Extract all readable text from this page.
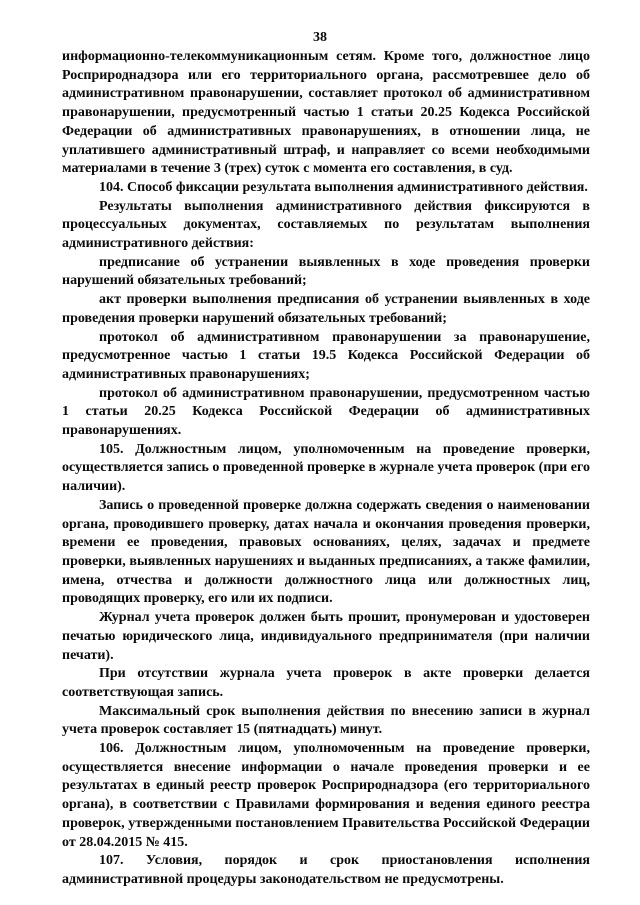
38

информационно-телекоммуникационным сетям. Кроме того, должностное лицо Росприроднадзора или его территориального органа, рассмотревшее дело об административном правонарушении, составляет протокол об административном правонарушении, предусмотренный частью 1 статьи 20.25 Кодекса Российской Федерации об административных правонарушениях, в отношении лица, не уплатившего административный штраф, и направляет со всеми необходимыми материалами в течение 3 (трех) суток с момента его составления, в суд.

104. Способ фиксации результата выполнения административного действия.

Результаты выполнения административного действия фиксируются в процессуальных документах, составляемых по результатам выполнения административного действия:

предписание об устранении выявленных в ходе проведения проверки нарушений обязательных требований;

акт проверки выполнения предписания об устранении выявленных в ходе проведения проверки нарушений обязательных требований;

протокол об административном правонарушении за правонарушение, предусмотренное частью 1 статьи 19.5 Кодекса Российской Федерации об административных правонарушениях;

протокол об административном правонарушении, предусмотренном частью 1 статьи 20.25 Кодекса Российской Федерации об административных правонарушениях.

105. Должностным лицом, уполномоченным на проведение проверки, осуществляется запись о проведенной проверке в журнале учета проверок (при его наличии).

Запись о проведенной проверке должна содержать сведения о наименовании органа, проводившего проверку, датах начала и окончания проведения проверки, времени ее проведения, правовых основаниях, целях, задачах и предмете проверки, выявленных нарушениях и выданных предписаниях, а также фамилии, имена, отчества и должности должностного лица или должностных лиц, проводящих проверку, его или их подписи.

Журнал учета проверок должен быть прошит, пронумерован и удостоверен печатью юридического лица, индивидуального предпринимателя (при наличии печати).

При отсутствии журнала учета проверок в акте проверки делается соответствующая запись.

Максимальный срок выполнения действия по внесению записи в журнал учета проверок составляет 15 (пятнадцать) минут.

106. Должностным лицом, уполномоченным на проведение проверки, осуществляется внесение информации о начале проведения проверки и ее результатах в единый реестр проверок Росприроднадзора (его территориального органа), в соответствии с Правилами формирования и ведения единого реестра проверок, утвержденными постановлением Правительства Российской Федерации от 28.04.2015 № 415.

107. Условия, порядок и срок приостановления исполнения административной процедуры законодательством не предусмотрены.
